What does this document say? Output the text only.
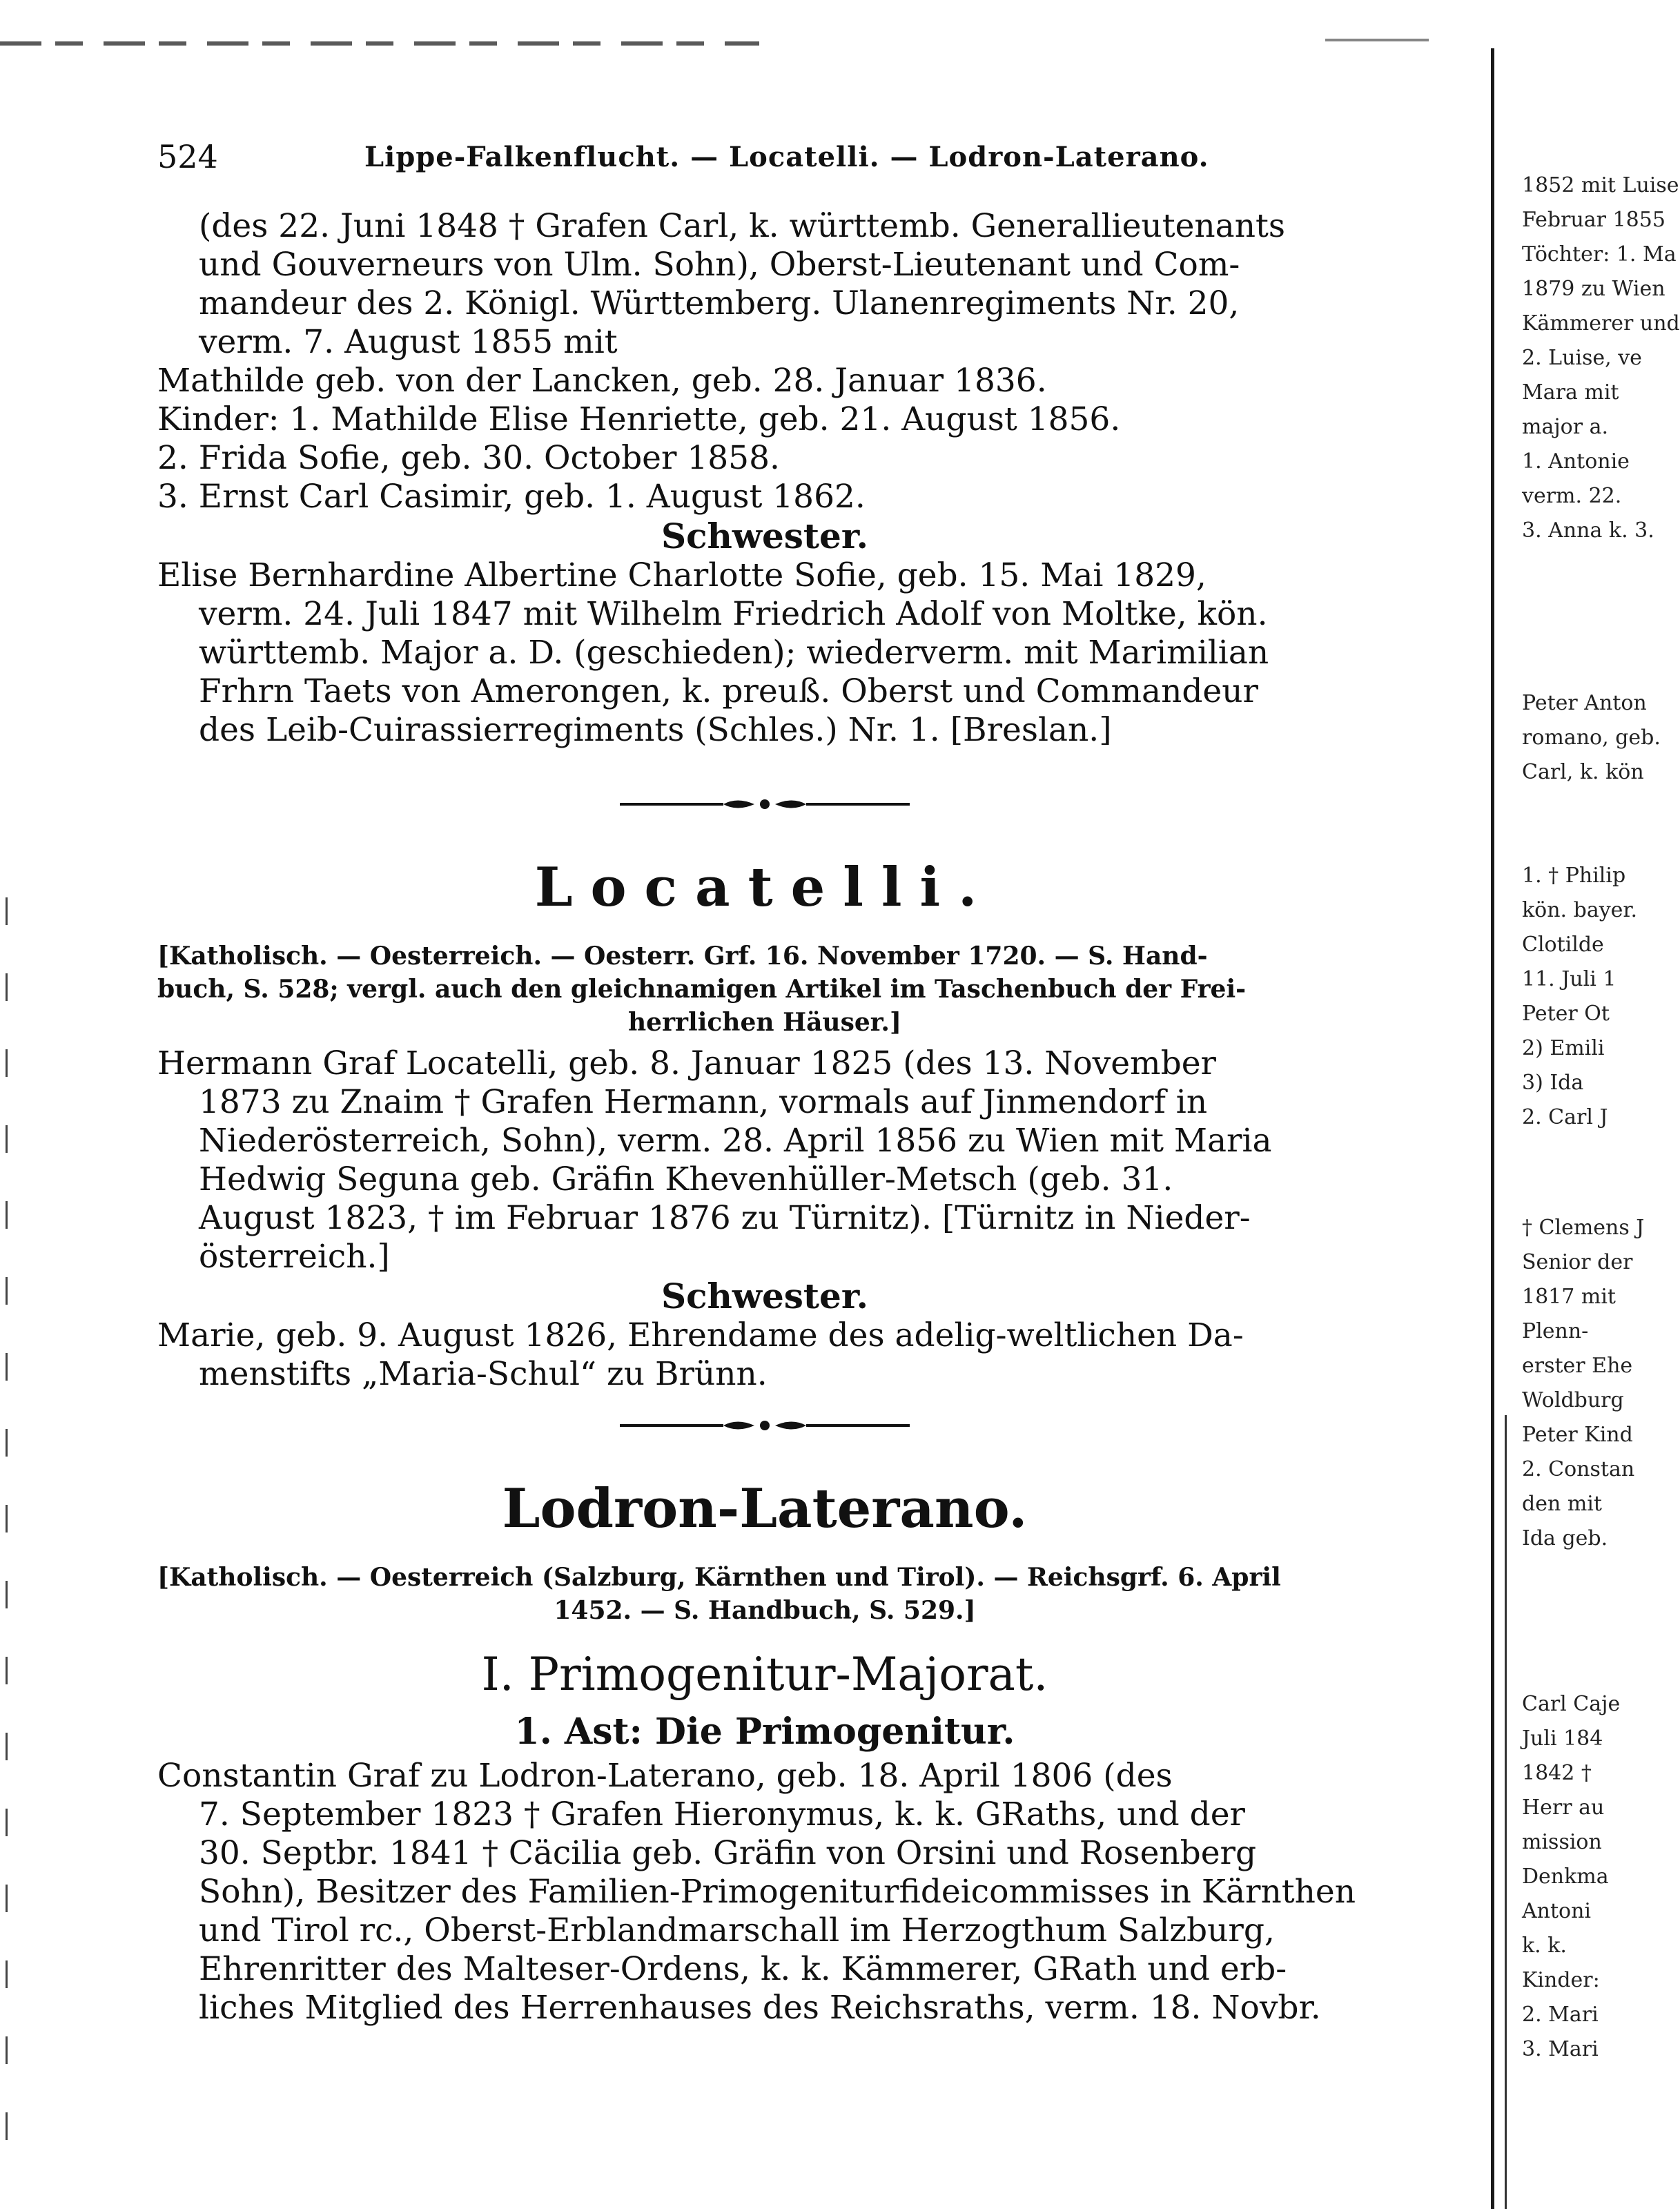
524	Lippe-Falkenflucht. — Locatelli. — Lodron-Laterano.
(des 22. Juni 1848 † Grafen Carl, k. württemb. Generallieutenants
und Gouverneurs von Ulm. Sohn), Oberst-Lieutenant und Com-
mandeur des 2. Königl. Württemberg. Ulanenregiments Nr. 20,
verm. 7. August 1855 mit
Mathilde geb. von der Lancken, geb. 28. Januar 1836.
Kinder: 1. Mathilde Elise Henriette, geb. 21. August 1856.
2. Frida Sofie, geb. 30. October 1858.
3. Ernst Carl Casimir, geb. 1. August 1862.
Schwester.
Elise Bernhardine Albertine Charlotte Sofie, geb. 15. Mai 1829,
verm. 24. Juli 1847 mit Wilhelm Friedrich Adolf von Moltke, kön.
württemb. Major a. D. (geschieden); wiederverm. mit Marimilian
Frhrn Taets von Amerongen, k. preuß. Oberst und Commandeur
des Leib-Cuirassierregiments (Schles.) Nr. 1. [Breslan.]
Locatelli.
[Katholisch. — Oesterreich. — Oesterr. Grf. 16. November 1720. — S. Hand-
buch, S. 528; vergl. auch den gleichnamigen Artikel im Taschenbuch der Frei-
herrlichen Häuser.]
Hermann Graf Locatelli, geb. 8. Januar 1825 (des 13. November
1873 zu Znaim † Grafen Hermann, vormals auf Jinmendorf in
Niederösterreich, Sohn), verm. 28. April 1856 zu Wien mit Maria
Hedwig Seguna geb. Gräfin Khevenhüller-Metsch (geb. 31.
August 1823, † im Februar 1876 zu Türnitz). [Türnitz in Nieder-
österreich.]
Schwester.
Marie, geb. 9. August 1826, Ehrendame des adelig-weltlichen Da-
menstifts „Maria-Schul“ zu Brünn.
Lodron-Laterano.
[Katholisch. — Oesterreich (Salzburg, Kärnthen und Tirol). — Reichsgrf. 6. April
1452. — S. Handbuch, S. 529.]
I. Primogenitur-Majorat.
1. Ast: Die Primogenitur.
Constantin Graf zu Lodron-Laterano, geb. 18. April 1806 (des
7. September 1823 † Grafen Hieronymus, k. k. GRaths, und der
30. Septbr. 1841 † Cäcilia geb. Gräfin von Orsini und Rosenberg
Sohn), Besitzer des Familien-Primogeniturfideicommisses in Kärnthen
und Tirol rc., Oberst-Erblandmarschall im Herzogthum Salzburg,
Ehrenritter des Malteser-Ordens, k. k. Kämmerer, GRath und erb-
liches Mitglied des Herrenhauses des Reichsraths, verm. 18. Novbr.
1852 mit Luise
Februar 1855
Töchter: 1. Ma
1879 zu Wien
Kämmerer und
2. Luise, ve
Mara mit
major a.
1. Antonie
verm. 22.
3. Anna k. 3.
Peter Anton
romano, geb.
Carl, k. kön
1. † Philip
kön. bayer.
Clotilde
11. Juli 1
Peter Ot
2) Emili
3) Ida
2. Carl J
† Clemens J
Senior der
1817 mit
Plenn-
erster Ehe
Woldburg
Peter Kind
2. Constan
den mit
Ida geb.
Carl Caje
Juli 184
1842 †
Herr au
mission
Denkma
Antoni
k. k.
Kinder:
2. Mari
3. Mari
